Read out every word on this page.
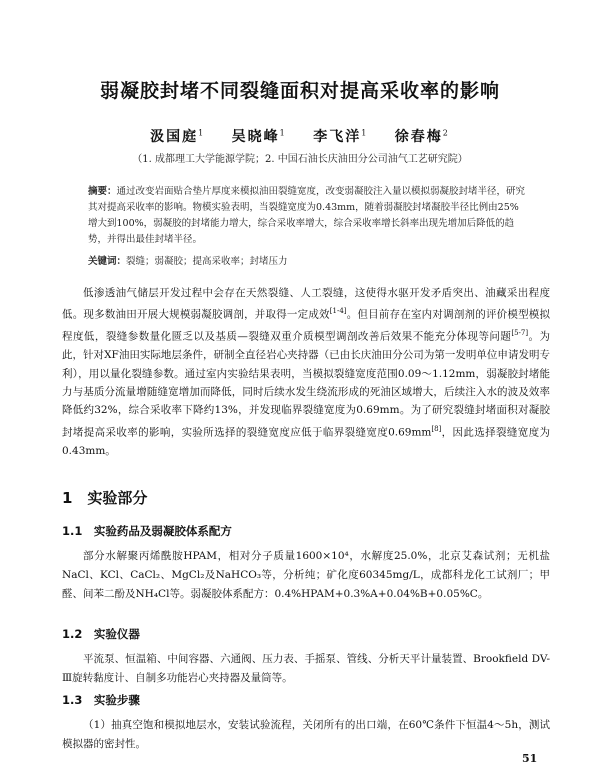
弱凝胶封堵不同裂缝面积对提高采收率的影响
汲国庭$^1$ 吴晓峰$^1$ 李飞洋$^1$ 徐春梅$^2$
（1. 成都理工大学能源学院；2. 中国石油长庆油田分公司油气工艺研究院）
摘要：通过改变岩面贴合垫片厚度来模拟油田裂缝宽度，改变弱凝胶注入量以模拟弱凝胶封堵半径，研究其对提高采收率的影响。物模实验表明，当裂缝宽度为0.43mm，随着弱凝胶封堵凝胶半径比例由25%增大到100%，弱凝胶的封堵能力增大，综合采收率增大，综合采收率增长斜率出现先增加后降低的趋势，并得出最佳封堵半径。
关键词：裂缝；弱凝胶；提高采收率；封堵压力
低渗透油气储层开发过程中会存在天然裂缝、人工裂缝，这使得水驱开发矛盾突出、油藏采出程度低。现多数油田开展大规模弱凝胶调剖，并取得一定成效[1-4]。但目前存在室内对调剖剂的评价模型模拟程度低，裂缝参数量化匮乏以及基质—裂缝双重介质模型调剖改善后效果不能充分体现等问题[5-7]。为此，针对XF油田实际地层条件，研制全直径岩心夹持器（已由长庆油田分公司为第一发明单位申请发明专利），用以量化裂缝参数。通过室内实验结果表明，当模拟裂缝宽度范围0.09～1.12mm，弱凝胶封堵能力与基质分流量增随缝宽增加而降低，同时后续水发生绕流形成的死油区域增大，后续注入水的波及效率降低约32%，综合采收率下降约13%，并发现临界裂缝宽度为0.69mm。为了研究裂缝封堵面积对凝胶封堵提高采收率的影响，实验所选择的裂缝宽度应低于临界裂缝宽度0.69mm[8]，因此选择裂缝宽度为0.43mm。
1　实验部分
1.1　实验药品及弱凝胶体系配方
部分水解聚丙烯酰胺HPAM，相对分子质量1600×10⁴，水解度25.0%，北京艾森试剂；无机盐NaCl、KCl、CaCl₂、MgCl₂及NaHCO₃等，分析纯；矿化度60345mg/L，成都科龙化工试剂厂；甲醛、间苯二酚及NH₄Cl等。弱凝胶体系配方：0.4%HPAM+0.3%A+0.04%B+0.05%C。
1.2　实验仪器
平流泵、恒温箱、中间容器、六通阀、压力表、手摇泵、管线、分析天平计量装置、Brookfield DV-Ⅲ旋转黏度计、自制多功能岩心夹持器及量筒等。
1.3　实验步骤
（1）抽真空饱和模拟地层水，安装试验流程，关闭所有的出口端，在60℃条件下恒温4～5h，测试模拟器的密封性。
51
